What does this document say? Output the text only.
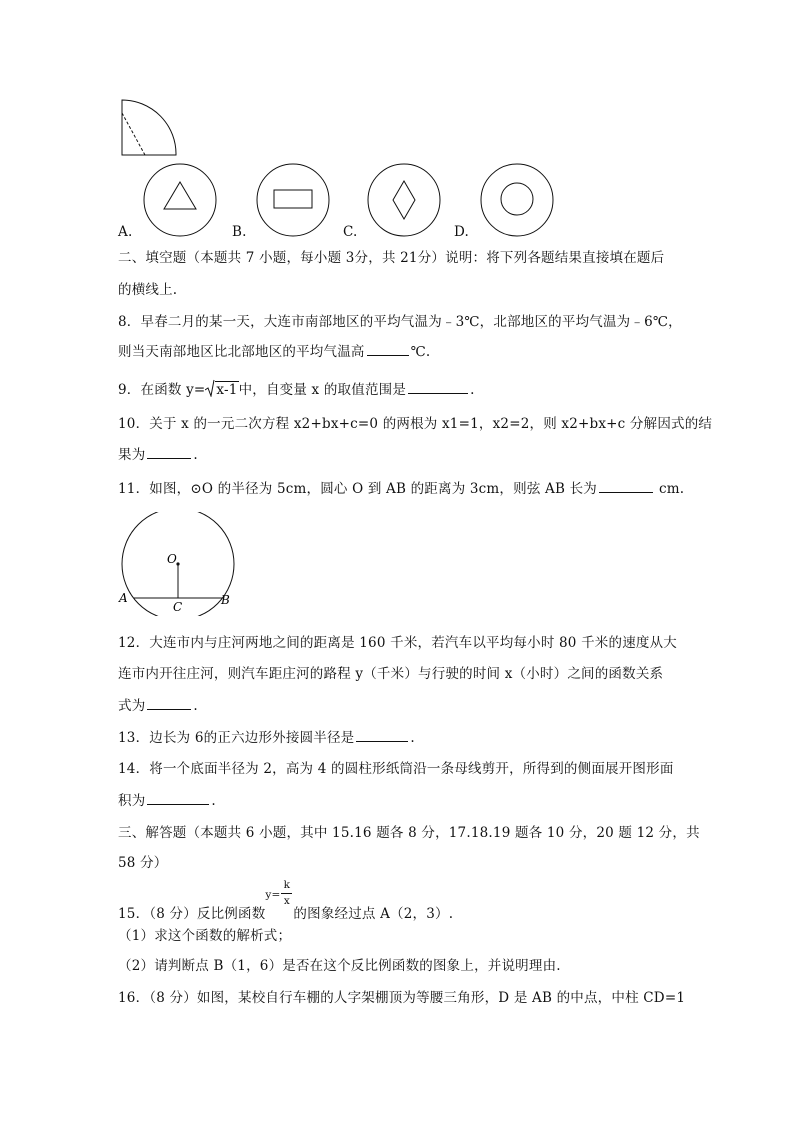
A.	B.	C.	D.
二、填空题（本题共 7 小题，每小题 3分，共 21分）说明：将下列各题结果直接填在题后
的横线上.
8．早春二月的某一天，大连市南部地区的平均气温为﹣3℃，北部地区的平均气温为﹣6℃，
则当天南部地区比北部地区的平均气温高	℃.
9．在函数 y= x-1中，自变量 x 的取值范围是	.
10．关于 x 的一元二次方程 x2+bx+c=0 的两根为 x1=1，x2=2，则 x2+bx+c 分解因式的结
果为	.
11．如图，⊙O 的半径为 5cm，圆心 O 到 AB 的距离为 3cm，则弦 AB 长为	cm.
O
A	B
C
12．大连市内与庄河两地之间的距离是 160 千米，若汽车以平均每小时 80 千米的速度从大
连市内开往庄河，则汽车距庄河的路程 y（千米）与行驶的时间 x（小时）之间的函数关系
式为	.
13．边长为 6的正六边形外接圆半径是	.
14．将一个底面半径为 2，高为 4 的圆柱形纸筒沿一条母线剪开，所得到的侧面展开图形面
积为	.
三、解答题（本题共 6 小题，其中 15.16 题各 8 分，17.18.19 题各 10 分，20 题 12 分，共
58 分）
15．（8 分）反比例函数
y=
k
x
的图象经过点 A（2，3）.
（1）求这个函数的解析式；
（2）请判断点 B（1，6）是否在这个反比例函数的图象上，并说明理由.
16．（8 分）如图，某校自行车棚的人字架棚顶为等腰三角形，D 是 AB 的中点，中柱 CD=1
